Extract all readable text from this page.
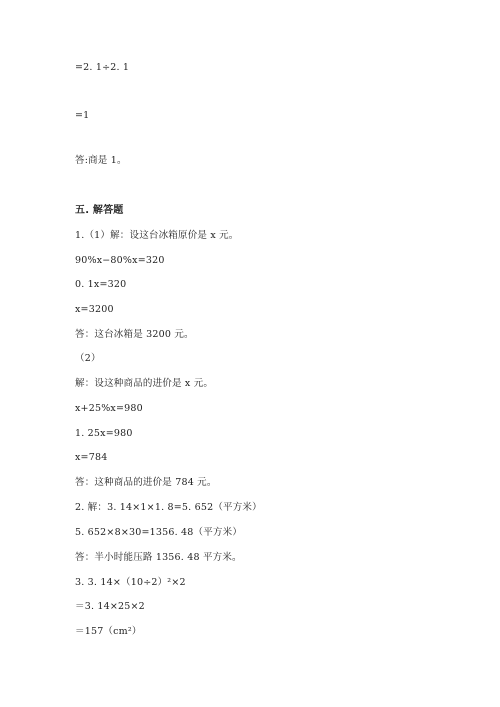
=2. 1÷2. 1
=1
答:商是 1。
五. 解答题
1.（1）解：设这台冰箱原价是 x 元。
90%x−80%x=320
0. 1x=320
x=3200
答：这台冰箱是 3200 元。
（2）
解：设这种商品的进价是 x 元。
x+25%x=980
1. 25x=980
x=784
答：这种商品的进价是 784 元。
2. 解：3. 14×1×1. 8=5. 652（平方米）
5. 652×8×30=1356. 48（平方米）
答：半小时能压路 1356. 48 平方米。
3. 3. 14×（10÷2）²×2
＝3. 14×25×2
＝157（cm²）
